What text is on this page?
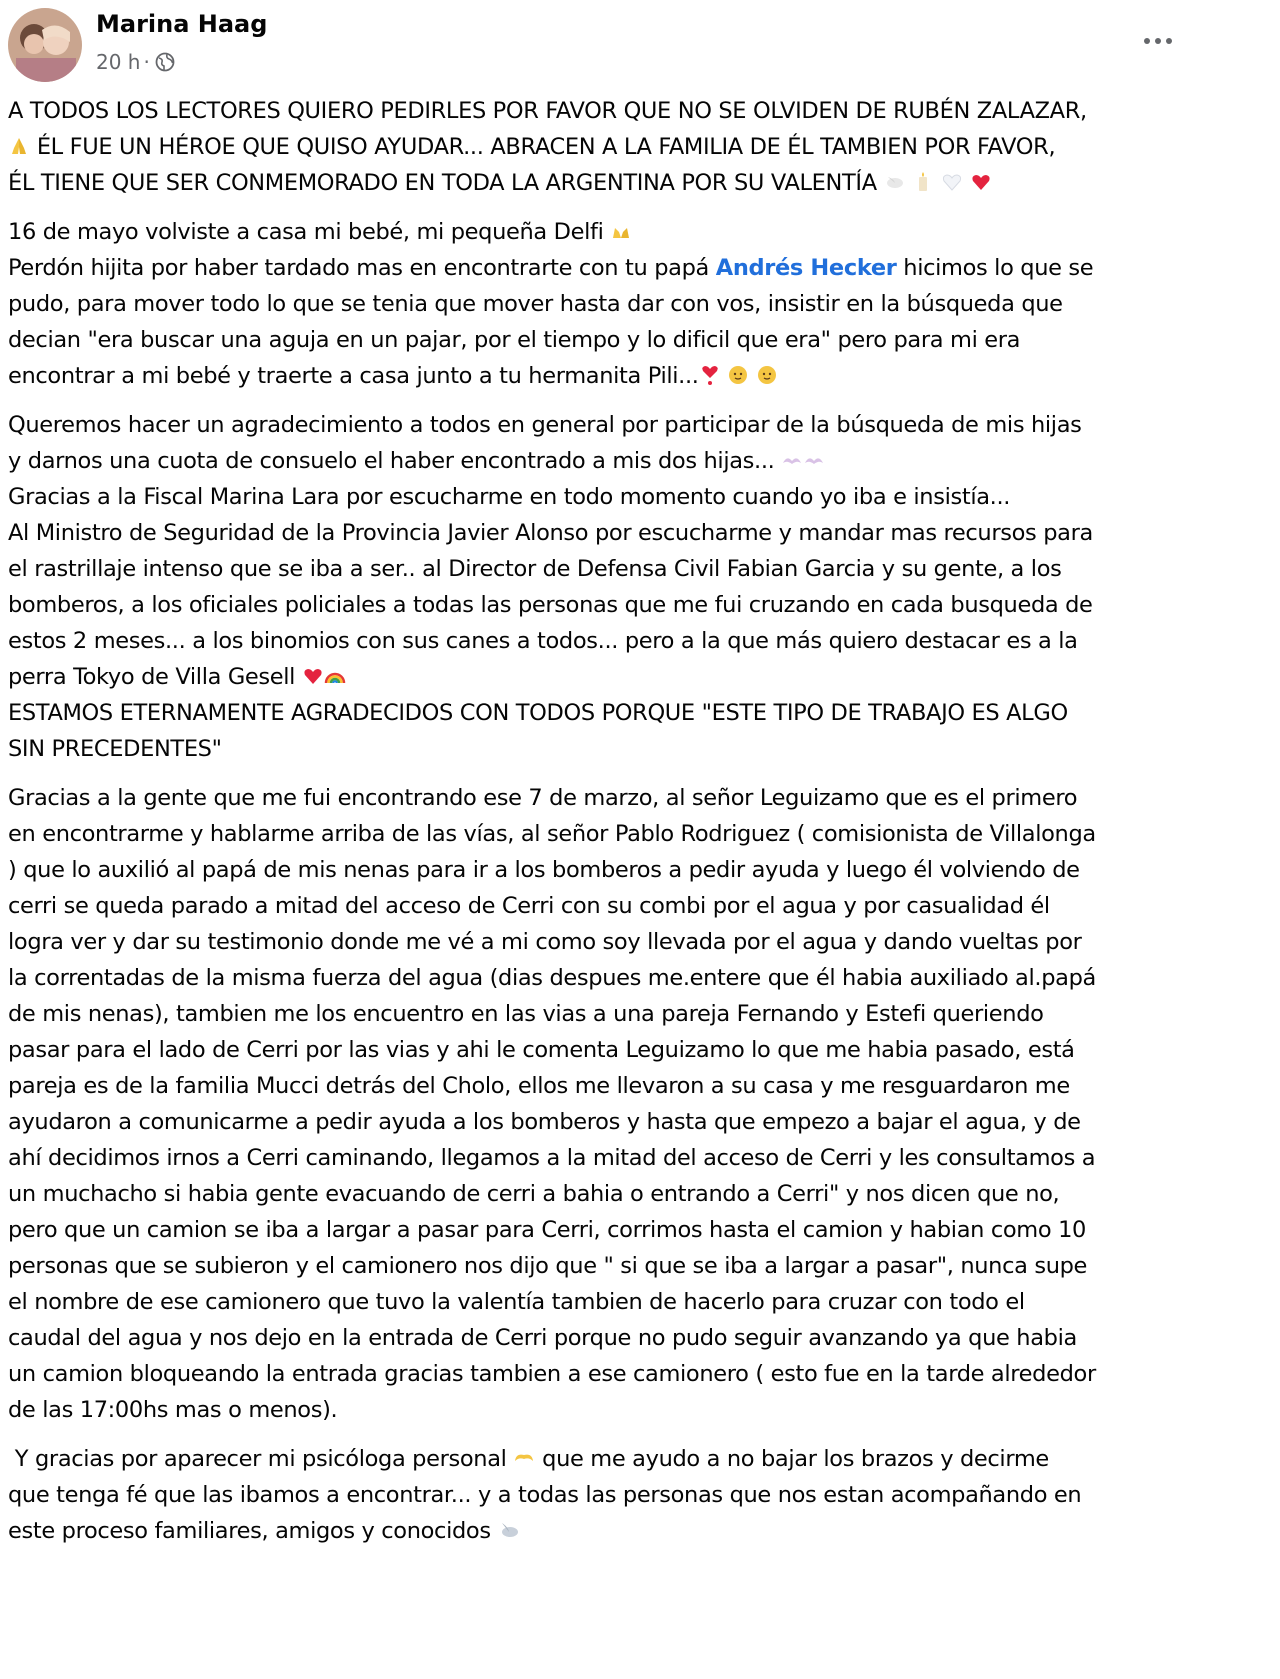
Marina Haag
20 h ·

A TODOS LOS LECTORES QUIERO PEDIRLES POR FAVOR QUE NO SE OLVIDEN DE RUBÉN ZALAZAR,
ÉL FUE UN HÉROE QUE QUISO AYUDAR... ABRACEN A LA FAMILIA DE ÉL TAMBIEN POR FAVOR,
ÉL TIENE QUE SER CONMEMORADO EN TODA LA ARGENTINA POR SU VALENTÍA

16 de mayo volviste a casa mi bebé, mi pequeña Delfi
Perdón hijita por haber tardado mas en encontrarte con tu papá Andrés Hecker hicimos lo que se
pudo, para mover todo lo que se tenia que mover hasta dar con vos, insistir en la búsqueda que
decian "era buscar una aguja en un pajar, por el tiempo y lo dificil que era" pero para mi era
encontrar a mi bebé y traerte a casa junto a tu hermanita Pili...

Queremos hacer un agradecimiento a todos en general por participar de la búsqueda de mis hijas
y darnos una cuota de consuelo el haber encontrado a mis dos hijas...
Gracias a la Fiscal Marina Lara por escucharme en todo momento cuando yo iba e insistía...
Al Ministro de Seguridad de la Provincia Javier Alonso por escucharme y mandar mas recursos para
el rastrillaje intenso que se iba a ser.. al Director de Defensa Civil Fabian Garcia y su gente, a los
bomberos, a los oficiales policiales a todas las personas que me fui cruzando en cada busqueda de
estos 2 meses... a los binomios con sus canes a todos... pero a la que más quiero destacar es a la
perra Tokyo de Villa Gesell
ESTAMOS ETERNAMENTE AGRADECIDOS CON TODOS PORQUE "ESTE TIPO DE TRABAJO ES ALGO
SIN PRECEDENTES"

Gracias a la gente que me fui encontrando ese 7 de marzo, al señor Leguizamo que es el primero
en encontrarme y hablarme arriba de las vías, al señor Pablo Rodriguez ( comisionista de Villalonga
) que lo auxilió al papá de mis nenas para ir a los bomberos a pedir ayuda y luego él volviendo de
cerri se queda parado a mitad del acceso de Cerri con su combi por el agua y por casualidad él
logra ver y dar su testimonio donde me vé a mi como soy llevada por el agua y dando vueltas por
la correntadas de la misma fuerza del agua (dias despues me.entere que él habia auxiliado al.papá
de mis nenas), tambien me los encuentro en las vias a una pareja Fernando y Estefi queriendo
pasar para el lado de Cerri por las vias y ahi le comenta Leguizamo lo que me habia pasado, está
pareja es de la familia Mucci detrás del Cholo, ellos me llevaron a su casa y me resguardaron me
ayudaron a comunicarme a pedir ayuda a los bomberos y hasta que empezo a bajar el agua, y de
ahí decidimos irnos a Cerri caminando, llegamos a la mitad del acceso de Cerri y les consultamos a
un muchacho si habia gente evacuando de cerri a bahia o entrando a Cerri" y nos dicen que no,
pero que un camion se iba a largar a pasar para Cerri, corrimos hasta el camion y habian como 10
personas que se subieron y el camionero nos dijo que " si que se iba a largar a pasar", nunca supe
el nombre de ese camionero que tuvo la valentía tambien de hacerlo para cruzar con todo el
caudal del agua y nos dejo en la entrada de Cerri porque no pudo seguir avanzando ya que habia
un camion bloqueando la entrada gracias tambien a ese camionero ( esto fue en la tarde alrededor
de las 17:00hs mas o menos).

Y gracias por aparecer mi psicóloga personal  que me ayudo a no bajar los brazos y decirme
que tenga fé que las ibamos a encontrar... y a todas las personas que nos estan acompañando en
este proceso familiares, amigos y conocidos
